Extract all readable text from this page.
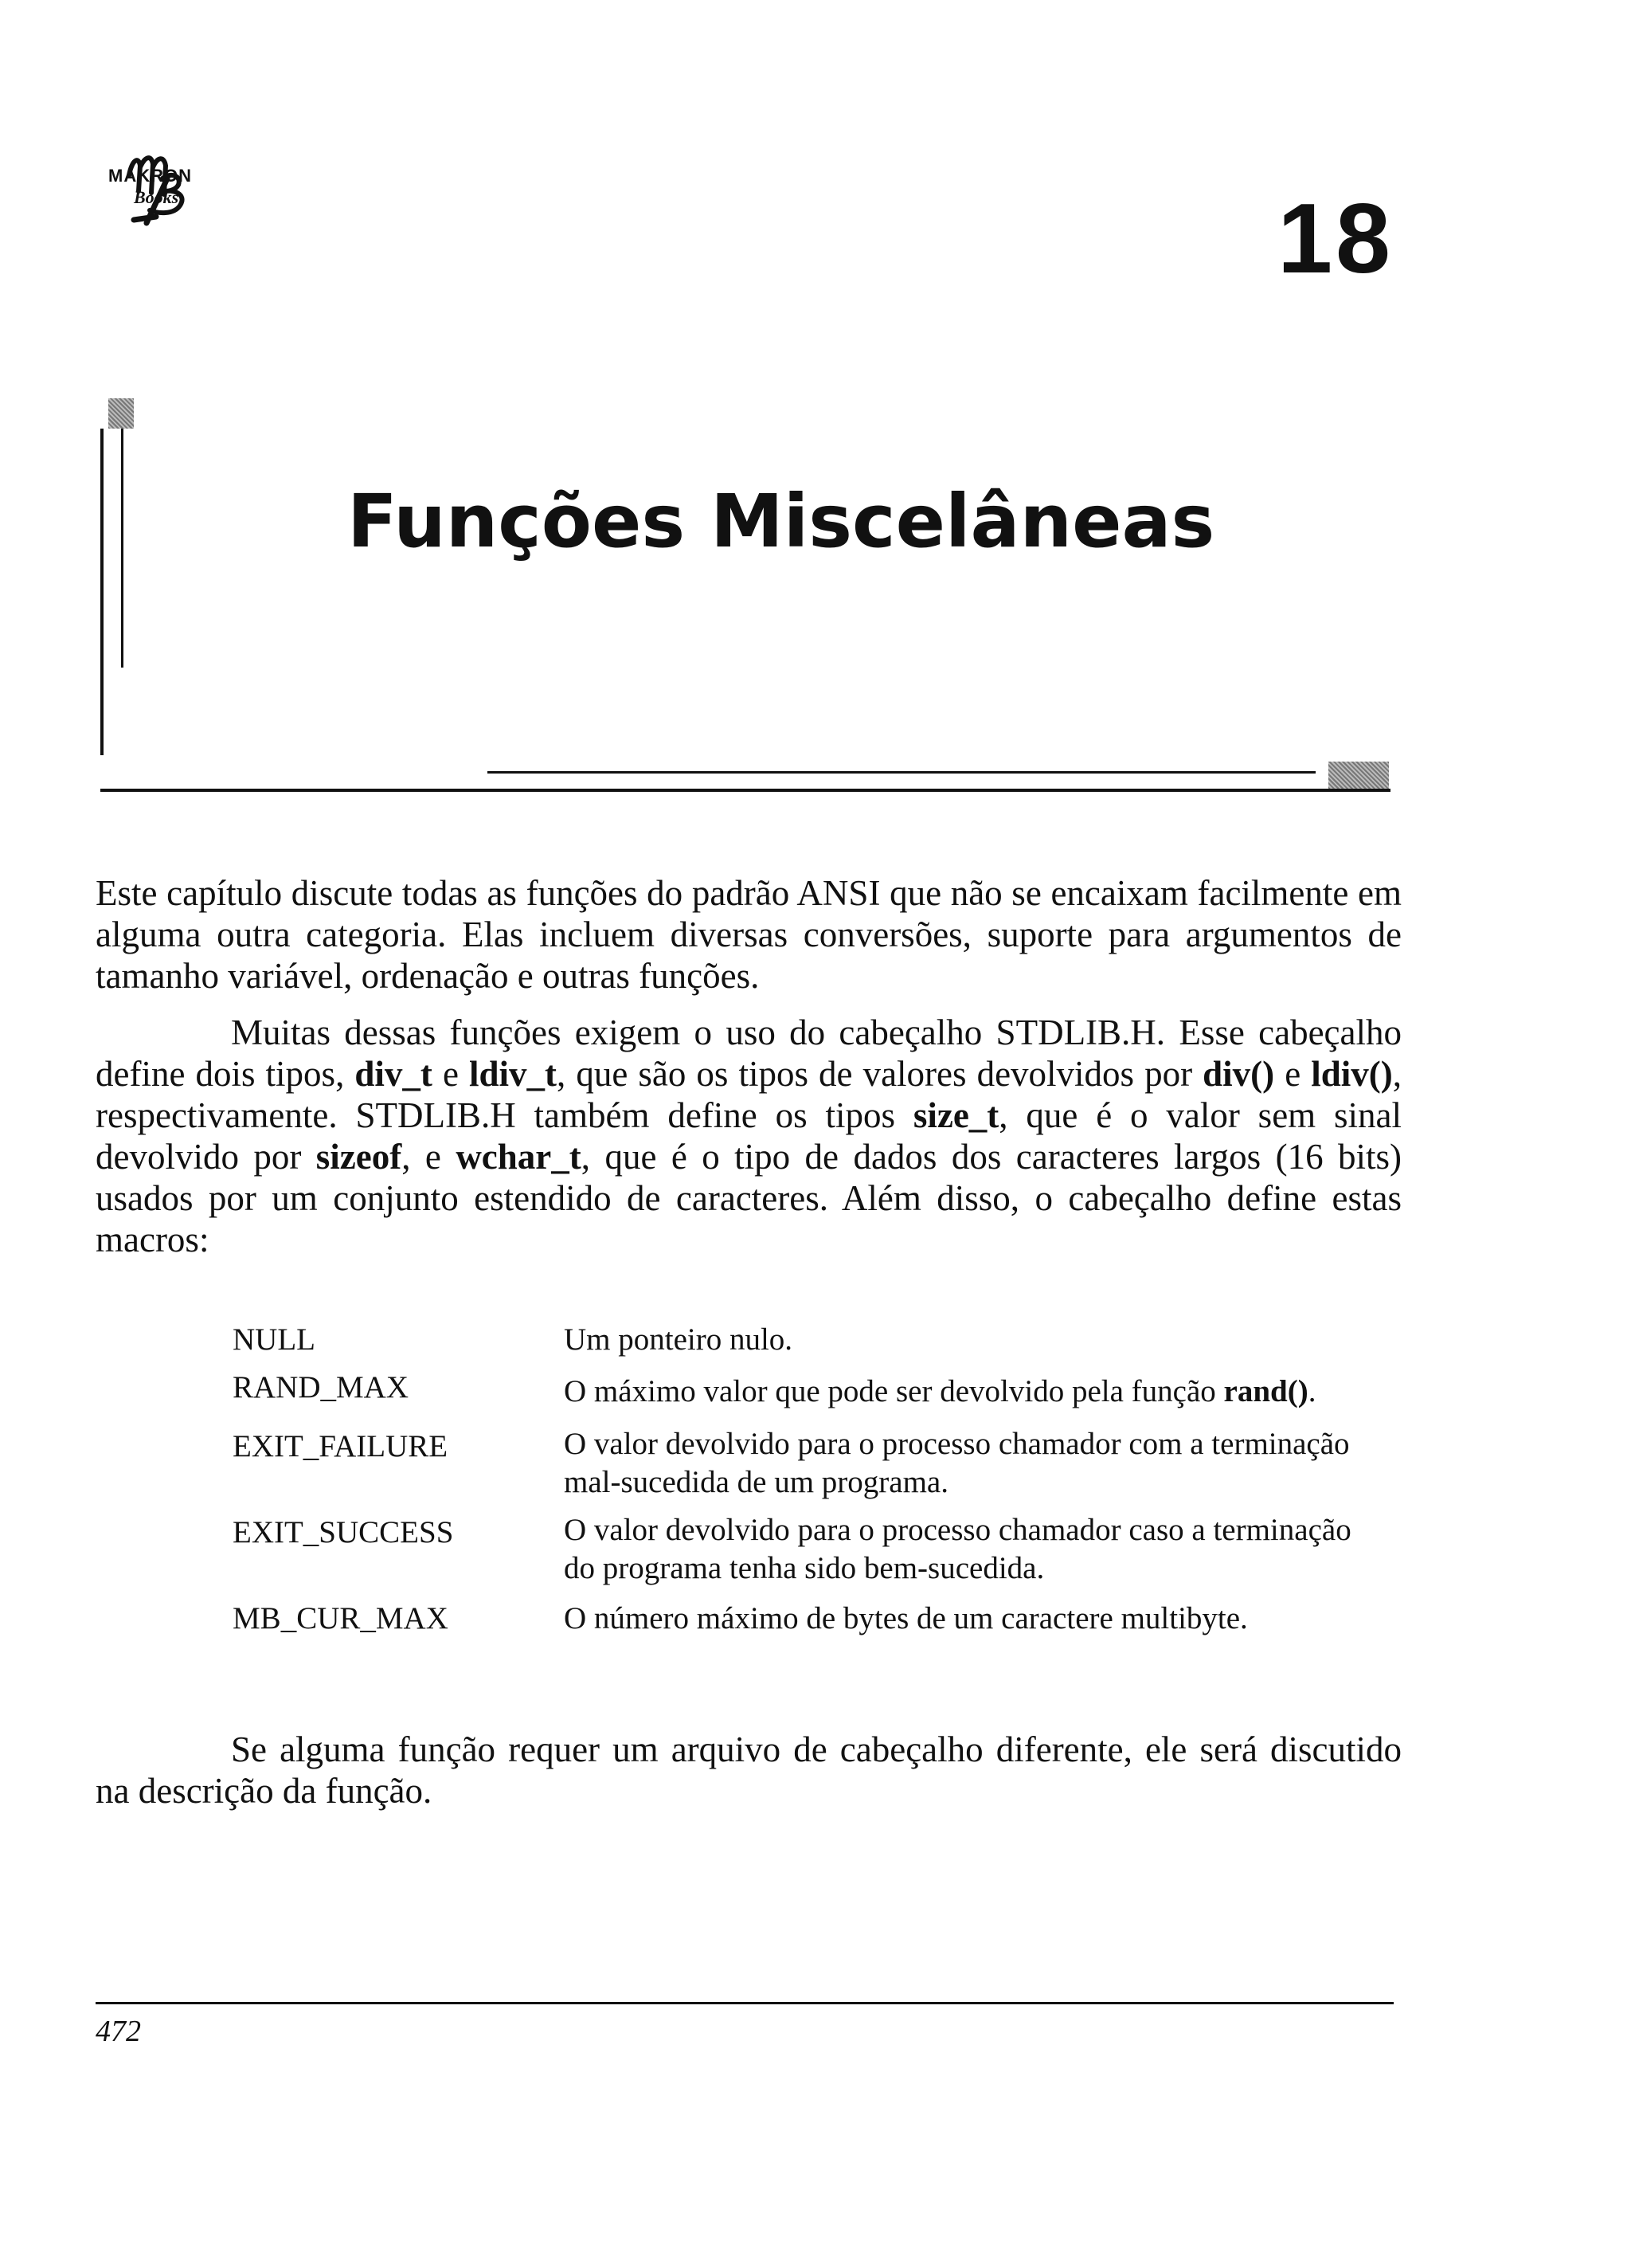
MAKRON
Books	18
Funções Miscelâneas

Este capítulo discute todas as funções do padrão ANSI que não se encaixam facilmente em alguma outra categoria. Elas incluem diversas conversões, suporte para argumentos de tamanho variável, ordenação e outras funções.

Muitas dessas funções exigem o uso do cabeçalho STDLIB.H. Esse cabeçalho define dois tipos, div_t e ldiv_t, que são os tipos de valores devolvidos por div() e ldiv(), respectivamente. STDLIB.H também define os tipos size_t, que é o valor sem sinal devolvido por sizeof, e wchar_t, que é o tipo de dados dos caracteres largos (16 bits) usados por um conjunto estendido de caracteres. Além disso, o cabeçalho define estas macros:

NULL	Um ponteiro nulo.
RAND_MAX	O máximo valor que pode ser devolvido pela função rand().
EXIT_FAILURE	O valor devolvido para o processo chamador com a terminação mal-sucedida de um programa.
EXIT_SUCCESS	O valor devolvido para o processo chamador caso a terminação do programa tenha sido bem-sucedida.
MB_CUR_MAX	O número máximo de bytes de um caractere multibyte.

Se alguma função requer um arquivo de cabeçalho diferente, ele será discutido na descrição da função.

472
